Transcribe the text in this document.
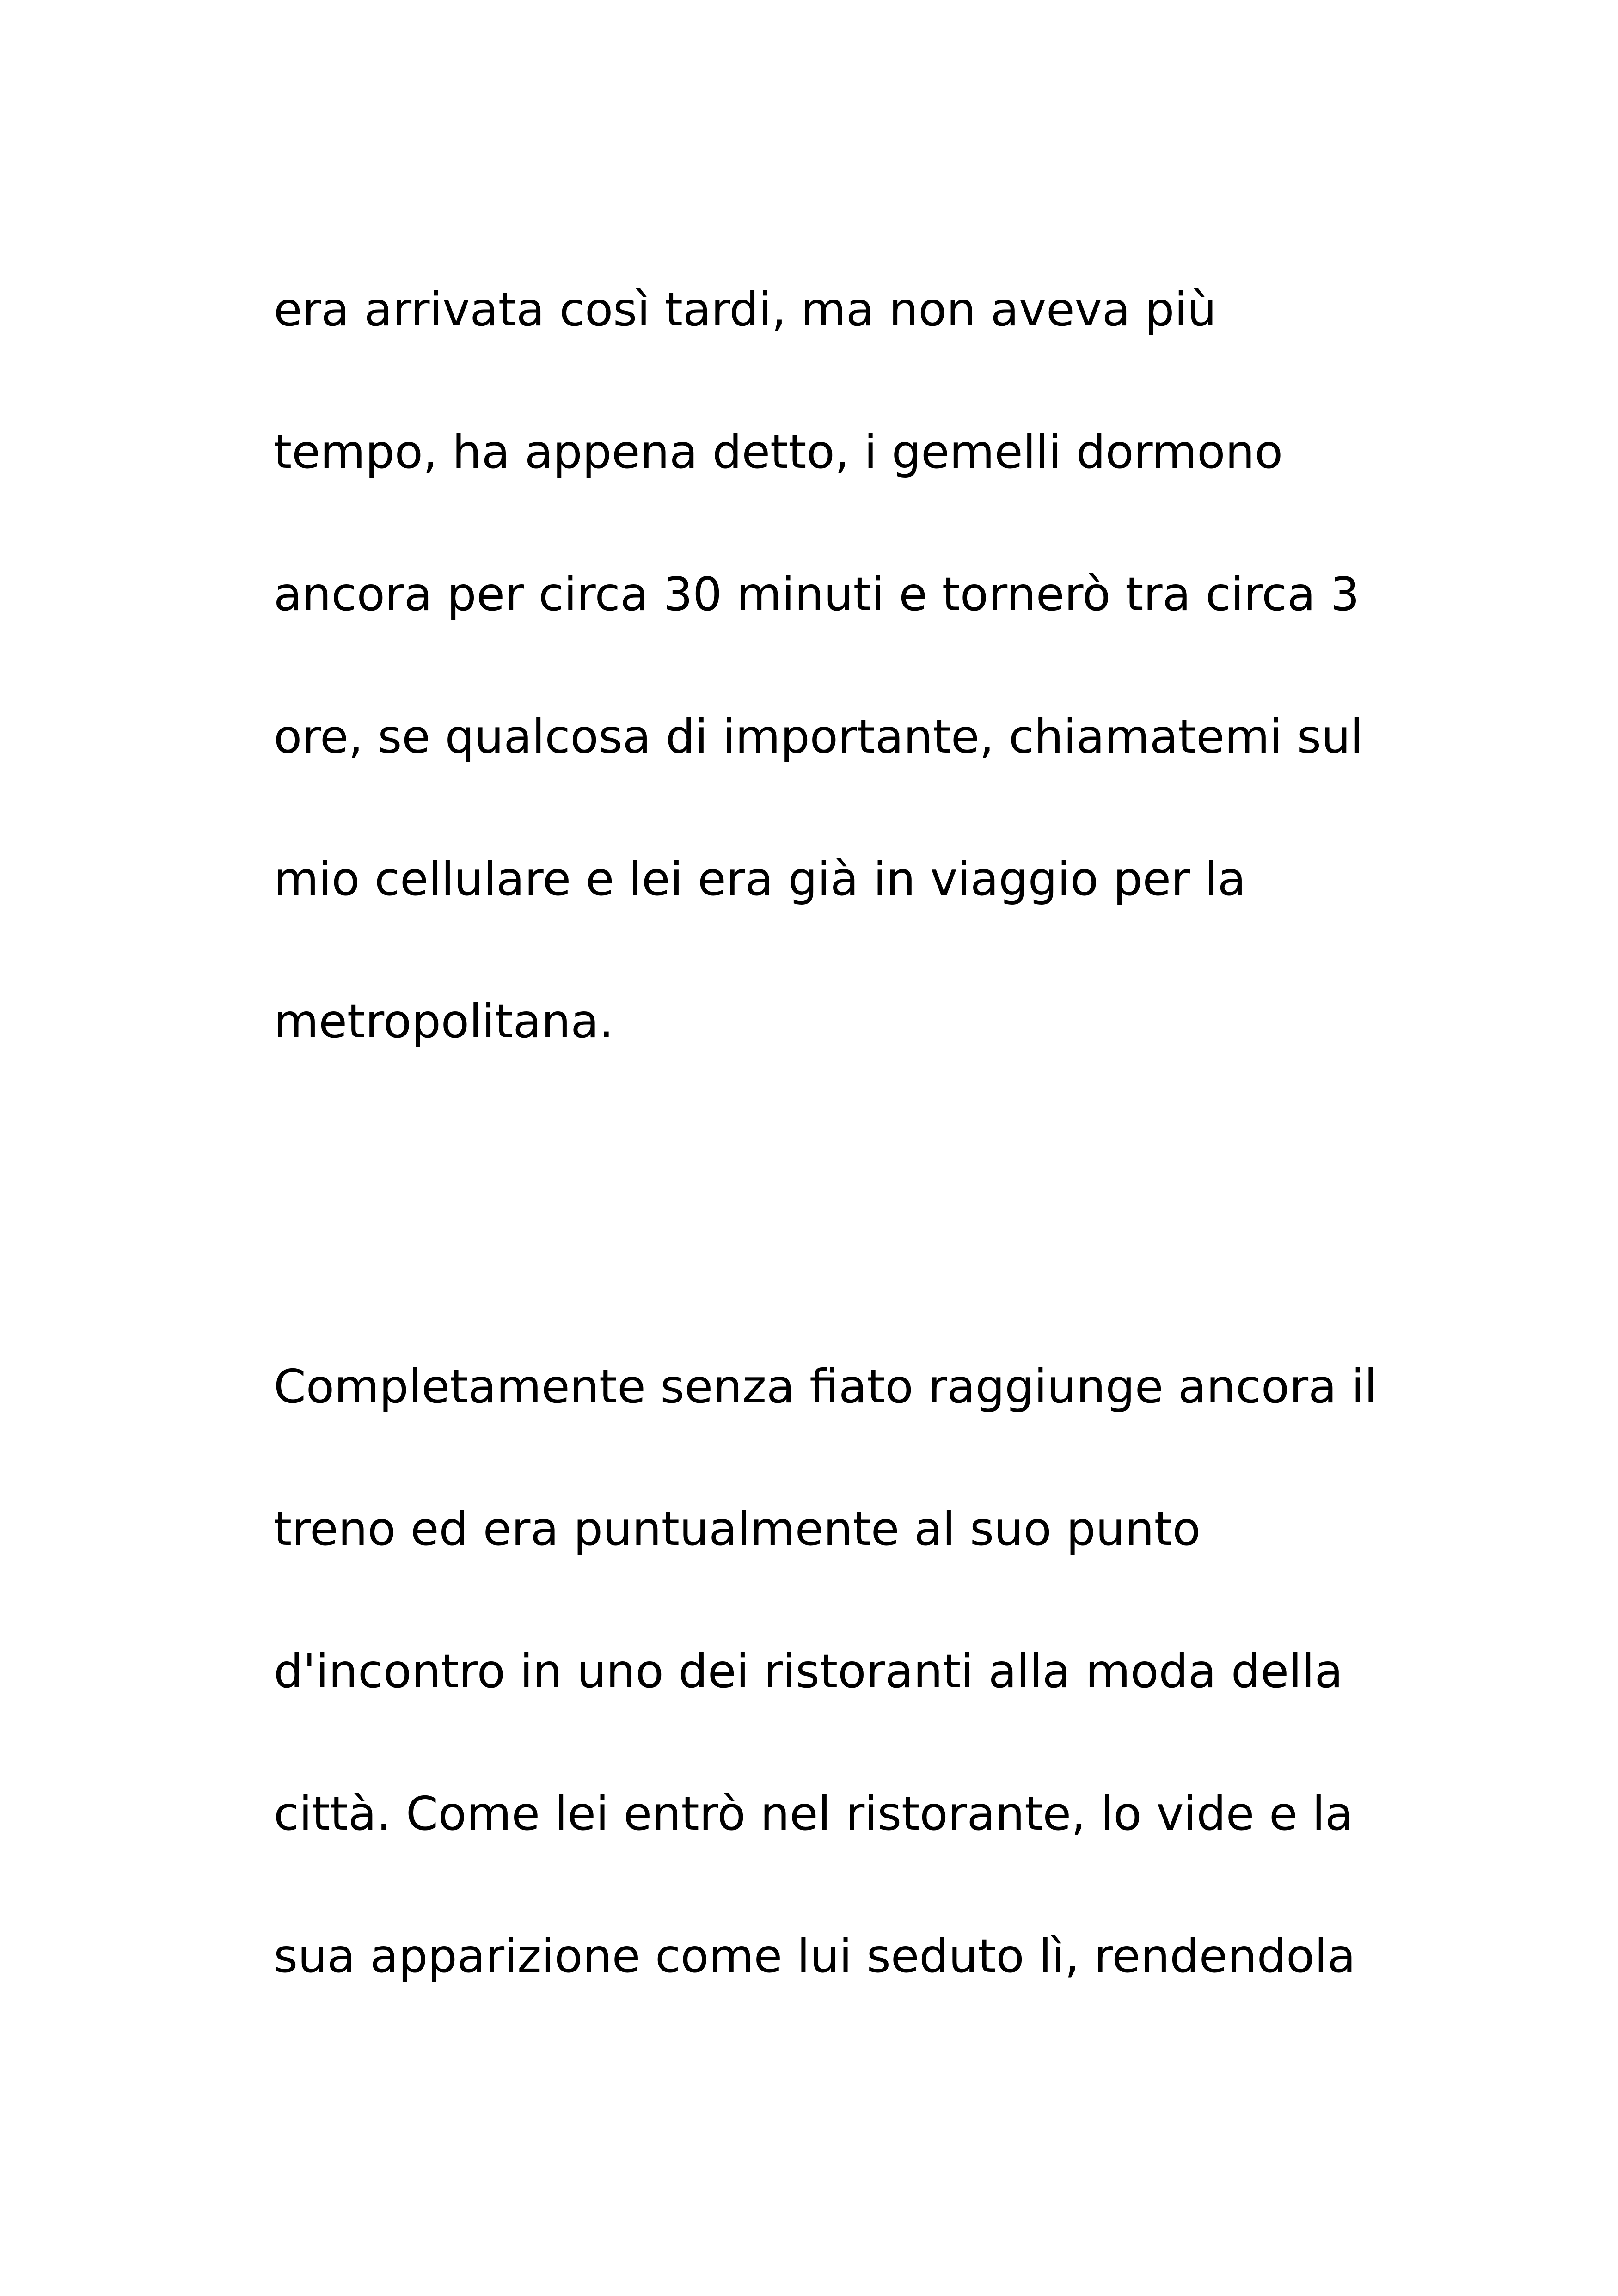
era arrivata così tardi, ma non aveva più

tempo, ha appena detto, i gemelli dormono

ancora per circa 30 minuti e tornerò tra circa 3

ore, se qualcosa di importante, chiamatemi sul

mio cellulare e lei era già in viaggio per la

metropolitana.

Completamente senza fiato raggiunge ancora il

treno ed era puntualmente al suo punto

d'incontro in uno dei ristoranti alla moda della

città. Come lei entrò nel ristorante, lo vide e la

sua apparizione come lui seduto lì, rendendola
